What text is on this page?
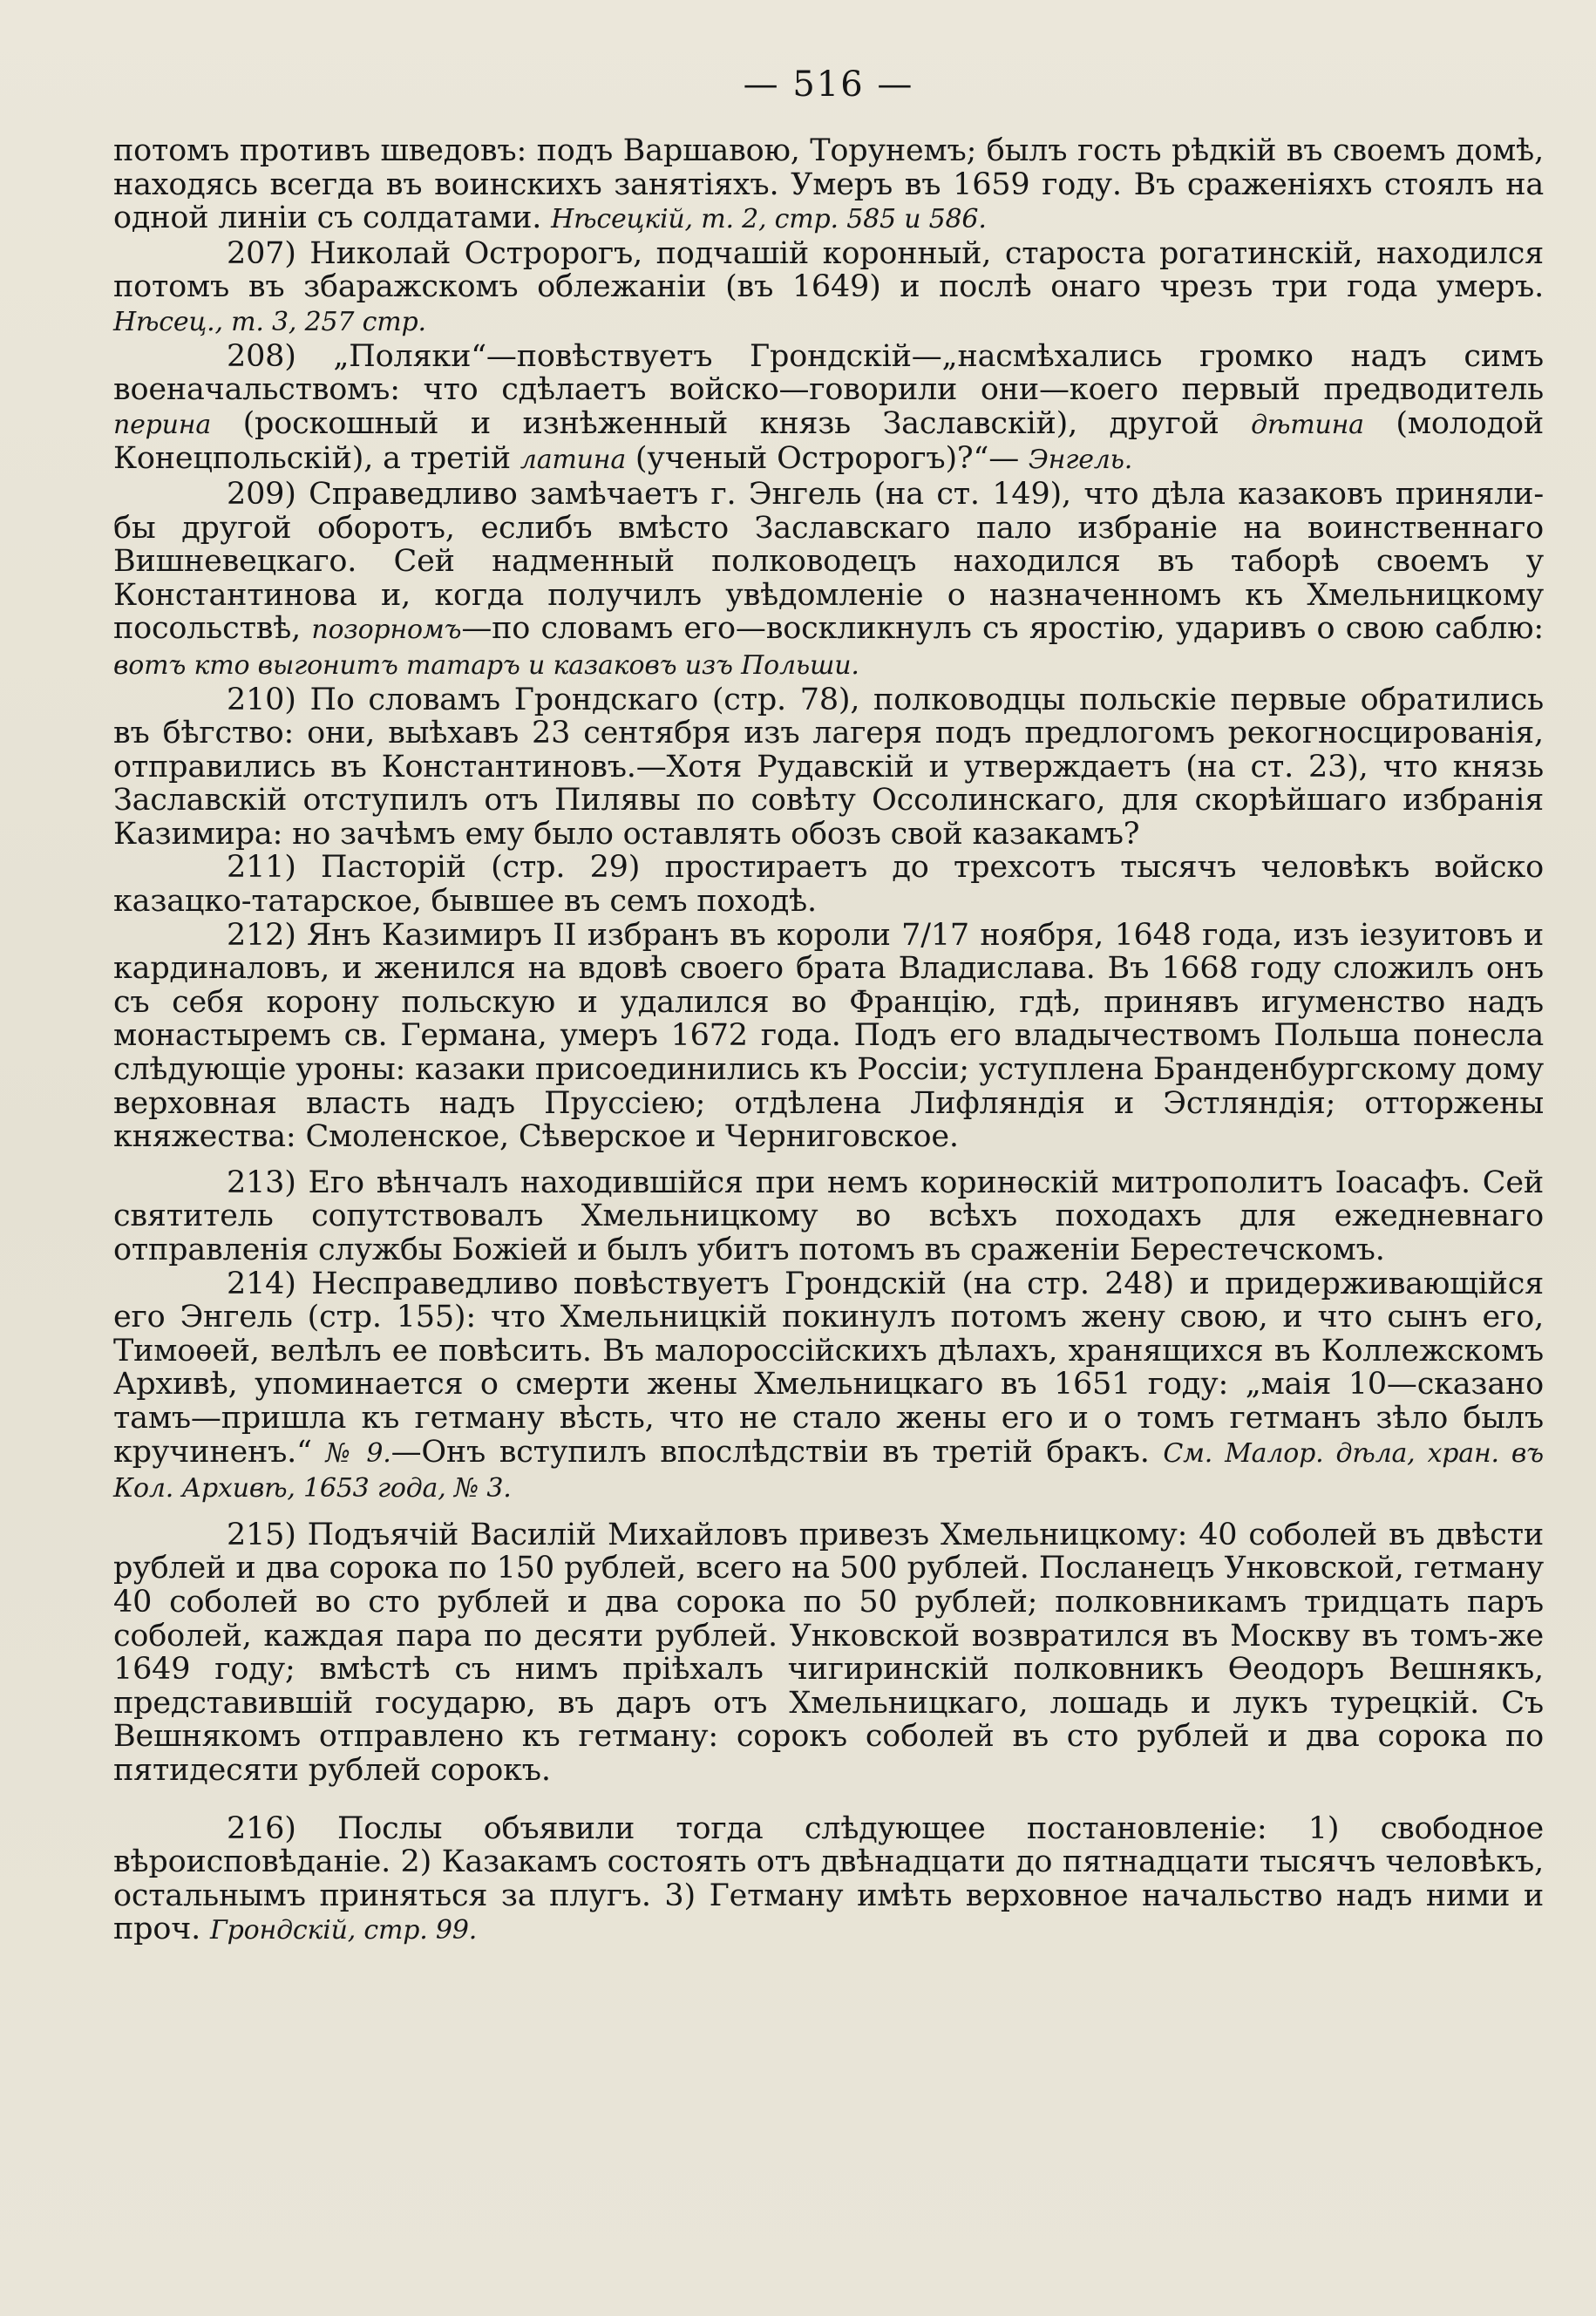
— 516 —

потомъ противъ шведовъ: подъ Варшавою, Торунемъ; былъ гость рѣдкій въ своемъ домѣ, находясь всегда въ воинскихъ занятіяхъ. Умеръ въ 1659 году. Въ сраженіяхъ стоялъ на одной линіи съ солдатами. Нѣсецкій, т. 2, стр. 585 и 586.

207) Николай Остророгъ, подчашій коронный, староста рогатинскій, находился потомъ въ збаражскомъ облежаніи (въ 1649) и послѣ онаго чрезъ три года умеръ. Нѣсец., т. 3, 257 стр.

208) „Поляки“—повѣствуетъ Грондскій—„насмѣхались громко надъ симъ военачальствомъ: что сдѣлаетъ войско—говорили они—коего первый предводитель перина (роскошный и изнѣженный князь Заславскій), другой дѣтина (молодой Конецпольскій), а третій латина (ученый Остророгъ)?“— Энгель.

209) Справедливо замѣчаетъ г. Энгель (на ст. 149), что дѣла казаковъ приняли-бы другой оборотъ, еслибъ вмѣсто Заславскаго пало избраніе на воинственнаго Вишневецкаго. Сей надменный полководецъ находился въ таборѣ своемъ у Константинова и, когда получилъ увѣдомленіе о назначенномъ къ Хмельницкому посольствѣ, позорномъ—по словамъ его—воскликнулъ съ яростію, ударивъ о свою саблю: вотъ кто выгонитъ татаръ и казаковъ изъ Польши.

210) По словамъ Грондскаго (стр. 78), полководцы польскіе первые обратились въ бѣгство: они, выѣхавъ 23 сентября изъ лагеря подъ предлогомъ рекогносцированія, отправились въ Константиновъ.—Хотя Рудавскій и утверждаетъ (на ст. 23), что князь Заславскій отступилъ отъ Пилявы по совѣту Оссолинскаго, для скорѣйшаго избранія Казимира: но зачѣмъ ему было оставлять обозъ свой казакамъ?

211) Пасторій (стр. 29) простираетъ до трехсотъ тысячъ человѣкъ войско казацко-татарское, бывшее въ семъ походѣ.

212) Янъ Казимиръ II избранъ въ короли 7/17 ноября, 1648 года, изъ іезуитовъ и кардиналовъ, и женился на вдовѣ своего брата Владислава. Въ 1668 году сложилъ онъ съ себя корону польскую и удалился во Францію, гдѣ, принявъ игуменство надъ монастыремъ св. Германа, умеръ 1672 года. Подъ его владычествомъ Польша понесла слѣдующіе уроны: казаки присоединились къ Россіи; уступлена Бранденбургскому дому верховная власть надъ Пруссіею; отдѣлена Лифляндія и Эстляндія; отторжены княжества: Смоленское, Сѣверское и Черниговское.

213) Его вѣнчалъ находившійся при немъ коринѳскій митрополитъ Іоасафъ. Сей святитель сопутствовалъ Хмельницкому во всѣхъ походахъ для ежедневнаго отправленія службы Божіей и былъ убитъ потомъ въ сраженіи Берестечскомъ.

214) Несправедливо повѣствуетъ Грондскій (на стр. 248) и придерживающійся его Энгель (стр. 155): что Хмельницкій покинулъ потомъ жену свою, и что сынъ его, Тимоѳей, велѣлъ ее повѣсить. Въ малороссійскихъ дѣлахъ, хранящихся въ Коллежскомъ Архивѣ, упоминается о смерти жены Хмельницкаго въ 1651 году: „маія 10—сказано тамъ—пришла къ гетману вѣсть, что не стало жены его и о томъ гетманъ зѣло былъ кручиненъ.“ № 9.—Онъ вступилъ впослѣдствіи въ третій бракъ. См. Малор. дѣла, хран. въ Кол. Архивѣ, 1653 года, № 3.

215) Подъячій Василій Михайловъ привезъ Хмельницкому: 40 соболей въ двѣсти рублей и два сорока по 150 рублей, всего на 500 рублей. Посланецъ Унковской, гетману 40 соболей во сто рублей и два сорока по 50 рублей; полковникамъ тридцать паръ соболей, каждая пара по десяти рублей. Унковской возвратился въ Москву въ томъ-же 1649 году; вмѣстѣ съ нимъ пріѣхалъ чигиринскій полковникъ Ѳеодоръ Вешнякъ, представившій государю, въ даръ отъ Хмельницкаго, лошадь и лукъ турецкій. Съ Вешнякомъ отправлено къ гетману: сорокъ соболей въ сто рублей и два сорока по пятидесяти рублей сорокъ.

216) Послы объявили тогда слѣдующее постановленіе: 1) свободное вѣроисповѣданіе. 2) Казакамъ состоять отъ двѣнадцати до пятнадцати тысячъ человѣкъ, остальнымъ приняться за плугъ. 3) Гетману имѣть верховное начальство надъ ними и проч. Грондскій, стр. 99.
